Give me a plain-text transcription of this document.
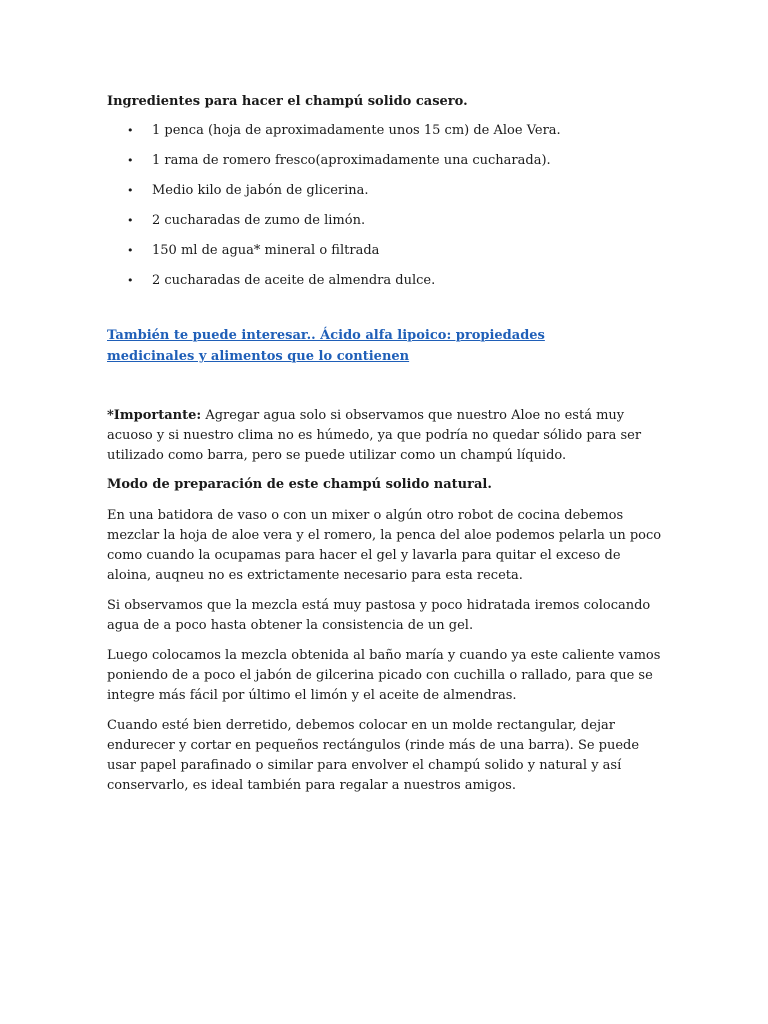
Ingredientes para hacer el champú solido casero.

• 1 penca (hoja de aproximadamente unos 15 cm) de Aloe Vera.
• 1 rama de romero fresco(aproximadamente una cucharada).
• Medio kilo de jabón de glicerina.
• 2 cucharadas de zumo de limón.
• 150 ml de agua* mineral o filtrada
• 2 cucharadas de aceite de almendra dulce.
También te puede interesar.. Ácido alfa lipoico: propiedades medicinales y alimentos que lo contienen

*Importante: Agregar agua solo si observamos que nuestro Aloe no está muy acuoso y si nuestro clima no es húmedo, ya que podría no quedar sólido para ser utilizado como barra, pero se puede utilizar como un champú líquido.

Modo de preparación de este champú solido natural.

En una batidora de vaso o con un mixer o algún otro robot de cocina debemos mezclar la hoja de aloe vera y el romero, la penca del aloe podemos pelarla un poco como cuando la ocupamas para hacer el gel y lavarla para quitar el exceso de aloina, auqneu no es extrictamente necesario para esta receta.

Si observamos que la mezcla está muy pastosa y poco hidratada iremos colocando agua de a poco hasta obtener la consistencia de un gel.

Luego colocamos la mezcla obtenida al baño maría y cuando ya este caliente vamos poniendo de a poco el jabón de gilcerina picado con cuchilla o rallado, para que se integre más fácil por último el limón y el aceite de almendras.

Cuando esté bien derretido, debemos colocar en un molde rectangular, dejar endurecer y cortar en pequeños rectángulos (rinde más de una barra). Se puede usar papel parafinado o similar para envolver el champú solido y natural y así conservarlo, es ideal también para regalar a nuestros amigos.
